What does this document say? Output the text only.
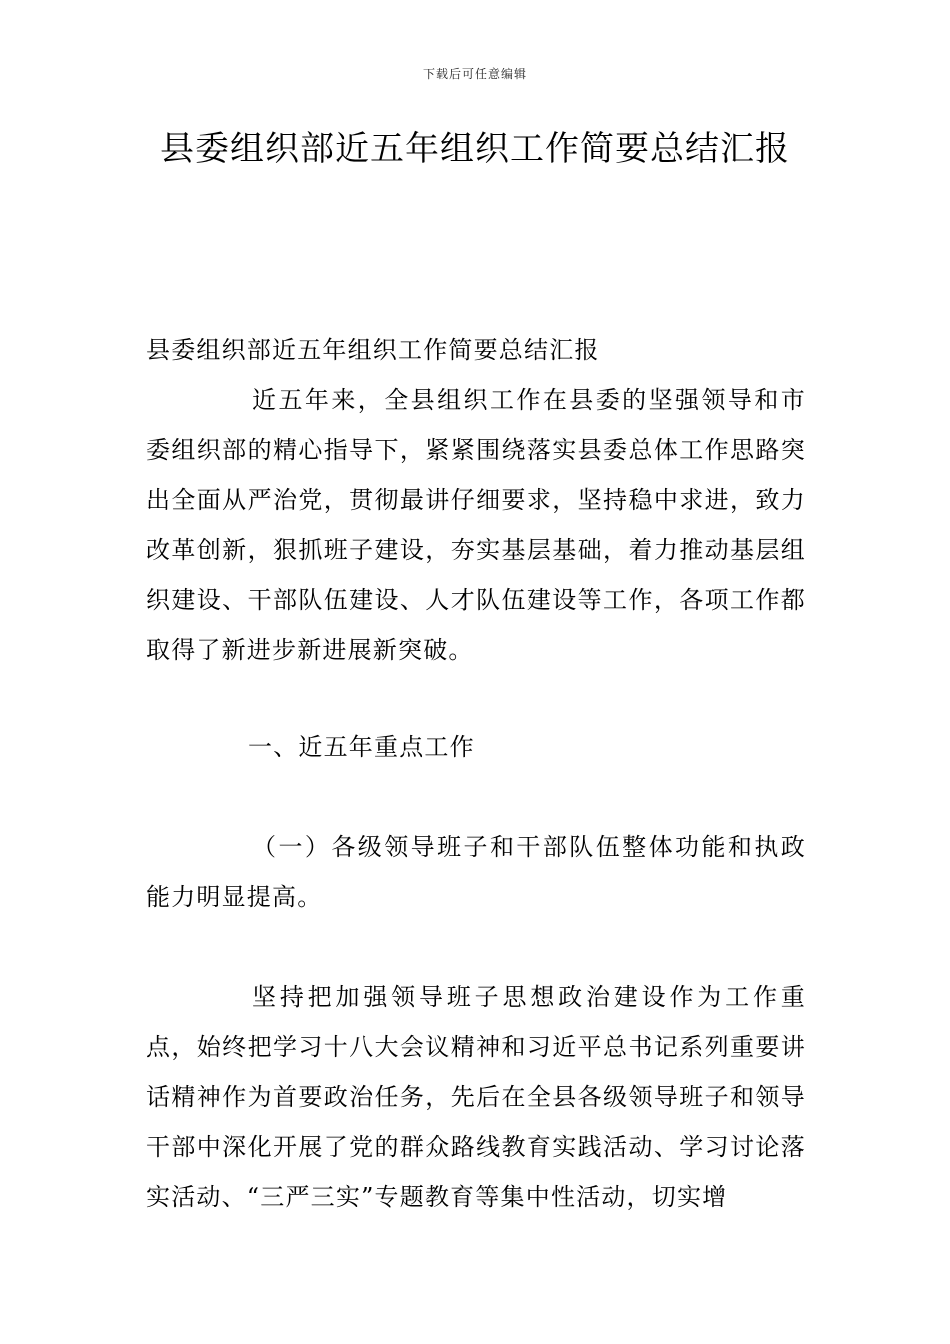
下载后可任意编辑
县委组织部近五年组织工作简要总结汇报

县委组织部近五年组织工作简要总结汇报

近五年来，全县组织工作在县委的坚强领导和市委组织部的精心指导下，紧紧围绕落实县委总体工作思路突出全面从严治党，贯彻最讲仔细要求，坚持稳中求进，致力改革创新，狠抓班子建设，夯实基层基础，着力推动基层组织建设、干部队伍建设、人才队伍建设等工作，各项工作都取得了新进步新进展新突破。

一、近五年重点工作

（一）各级领导班子和干部队伍整体功能和执政能力明显提高。

坚持把加强领导班子思想政治建设作为工作重点，始终把学习十八大会议精神和习近平总书记系列重要讲话精神作为首要政治任务，先后在全县各级领导班子和领导干部中深化开展了党的群众路线教育实践活动、学习讨论落实活动、“三严三实”专题教育等集中性活动，切实增
